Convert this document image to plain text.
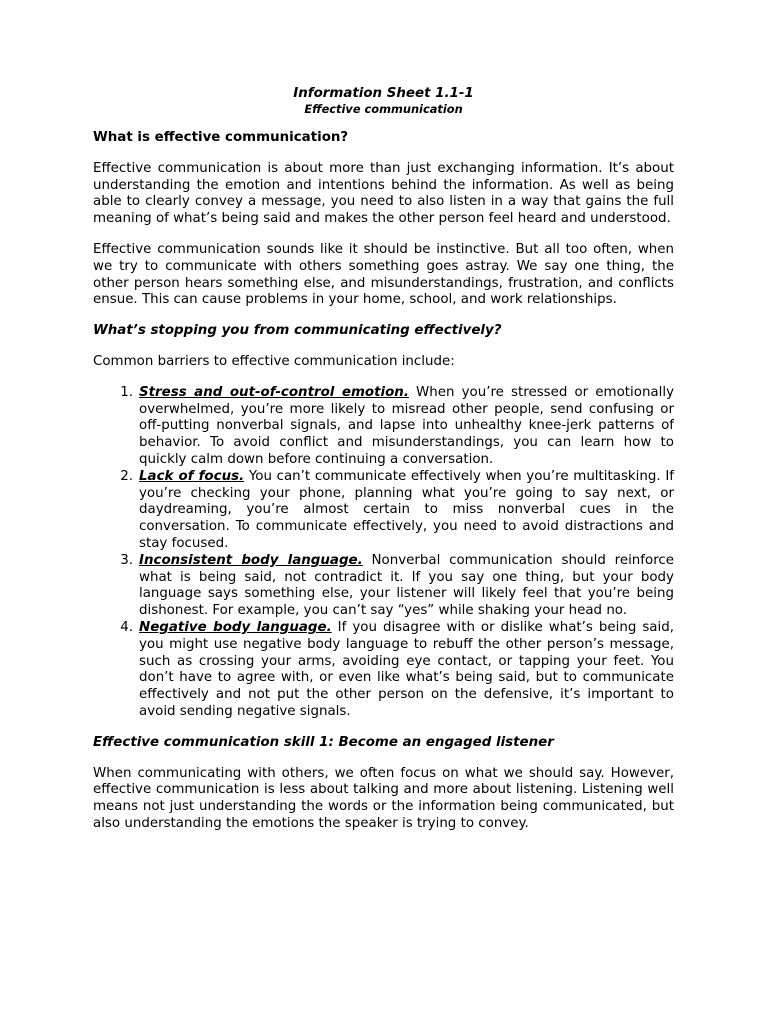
Information Sheet 1.1-1
Effective communication
What is effective communication?

Effective communication is about more than just exchanging information. It’s about understanding the emotion and intentions behind the information. As well as being able to clearly convey a message, you need to also listen in a way that gains the full meaning of what’s being said and makes the other person feel heard and understood.

Effective communication sounds like it should be instinctive. But all too often, when we try to communicate with others something goes astray. We say one thing, the other person hears something else, and misunderstandings, frustration, and conflicts ensue. This can cause problems in your home, school, and work relationships.

What’s stopping you from communicating effectively?

Common barriers to effective communication include:

1. Stress and out-of-control emotion. When you’re stressed or emotionally overwhelmed, you’re more likely to misread other people, send confusing or off-putting nonverbal signals, and lapse into unhealthy knee-jerk patterns of behavior. To avoid conflict and misunderstandings, you can learn how to quickly calm down before continuing a conversation.
2. Lack of focus. You can’t communicate effectively when you’re multitasking. If you’re checking your phone, planning what you’re going to say next, or daydreaming, you’re almost certain to miss nonverbal cues in the conversation. To communicate effectively, you need to avoid distractions and stay focused.
3. Inconsistent body language. Nonverbal communication should reinforce what is being said, not contradict it. If you say one thing, but your body language says something else, your listener will likely feel that you’re being dishonest. For example, you can’t say “yes” while shaking your head no.
4. Negative body language. If you disagree with or dislike what’s being said, you might use negative body language to rebuff the other person’s message, such as crossing your arms, avoiding eye contact, or tapping your feet. You don’t have to agree with, or even like what’s being said, but to communicate effectively and not put the other person on the defensive, it’s important to avoid sending negative signals.
Effective communication skill 1: Become an engaged listener

When communicating with others, we often focus on what we should say. However, effective communication is less about talking and more about listening. Listening well means not just understanding the words or the information being communicated, but also understanding the emotions the speaker is trying to convey.
